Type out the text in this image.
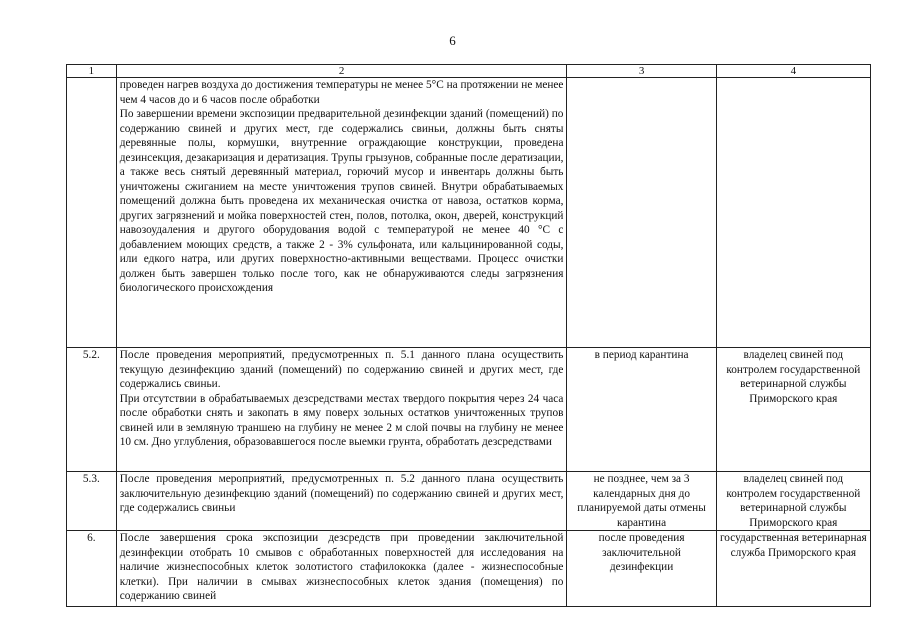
6
1	2	3	4

	проведен нагрев воздуха до достижения температуры не менее 5°С на протяжении не менее чем 4 часов до и 6 часов после обработки

По завершении времени экспозиции предварительной дезинфекции зданий (помещений) по содержанию свиней и других мест, где содержались свиньи, должны быть сняты деревянные полы, кормушки, внутренние ограждающие конструкции, проведена дезинсекция, дезакаризация и дератизация. Трупы грызунов, собранные после дератизации, а также весь снятый деревянный материал, горючий мусор и инвентарь должны быть уничтожены сжиганием на месте уничтожения трупов свиней. Внутри обрабатываемых помещений должна быть проведена их механическая очистка от навоза, остатков корма, других загрязнений и мойка поверхностей стен, полов, потолка, окон, дверей, конструкций навозоудаления и другого оборудования водой с температурой не менее 40 °С с добавлением моющих средств, а также 2 - 3% сульфоната, или кальцинированной соды, или едкого натра, или других поверхностно-активными веществами. Процесс очистки должен быть завершен только после того, как не обнаруживаются следы загрязнения биологического происхождения		

5.2.	После проведения мероприятий, предусмотренных п. 5.1 данного плана осуществить текущую дезинфекцию зданий (помещений) по содержанию свиней и других мест, где содержались свиньи.

При отсутствии в обрабатываемых дезсредствами местах твердого покрытия через 24 часа после обработки снять и закопать в яму поверх зольных остатков уничтоженных трупов свиней или в земляную траншею на глубину не менее 2 м слой почвы на глубину не менее 10 см. Дно углубления, образовавшегося после выемки грунта, обработать дезсредствами	в период карантина	владелец свиней под контролем государственной ветеринарной службы Приморского края
5.3.	После проведения мероприятий, предусмотренных п. 5.2 данного плана осуществить заключительную дезинфекцию зданий (помещений) по содержанию свиней и других мест, где содержались свиньи	не позднее, чем за 3 календарных дня до планируемой даты отмены карантина	владелец свиней под контролем государственной ветеринарной службы Приморского края
6.	После завершения срока экспозиции дезсредств при проведении заключительной дезинфекции отобрать 10 смывов с обработанных поверхностей для исследования на наличие жизнеспособных клеток золотистого стафилококка (далее - жизнеспособные клетки). При наличии в смывах жизнеспособных клеток здания (помещения) по содержанию свиней	после проведения заключительной дезинфекции	государственная ветеринарная служба Приморского края
